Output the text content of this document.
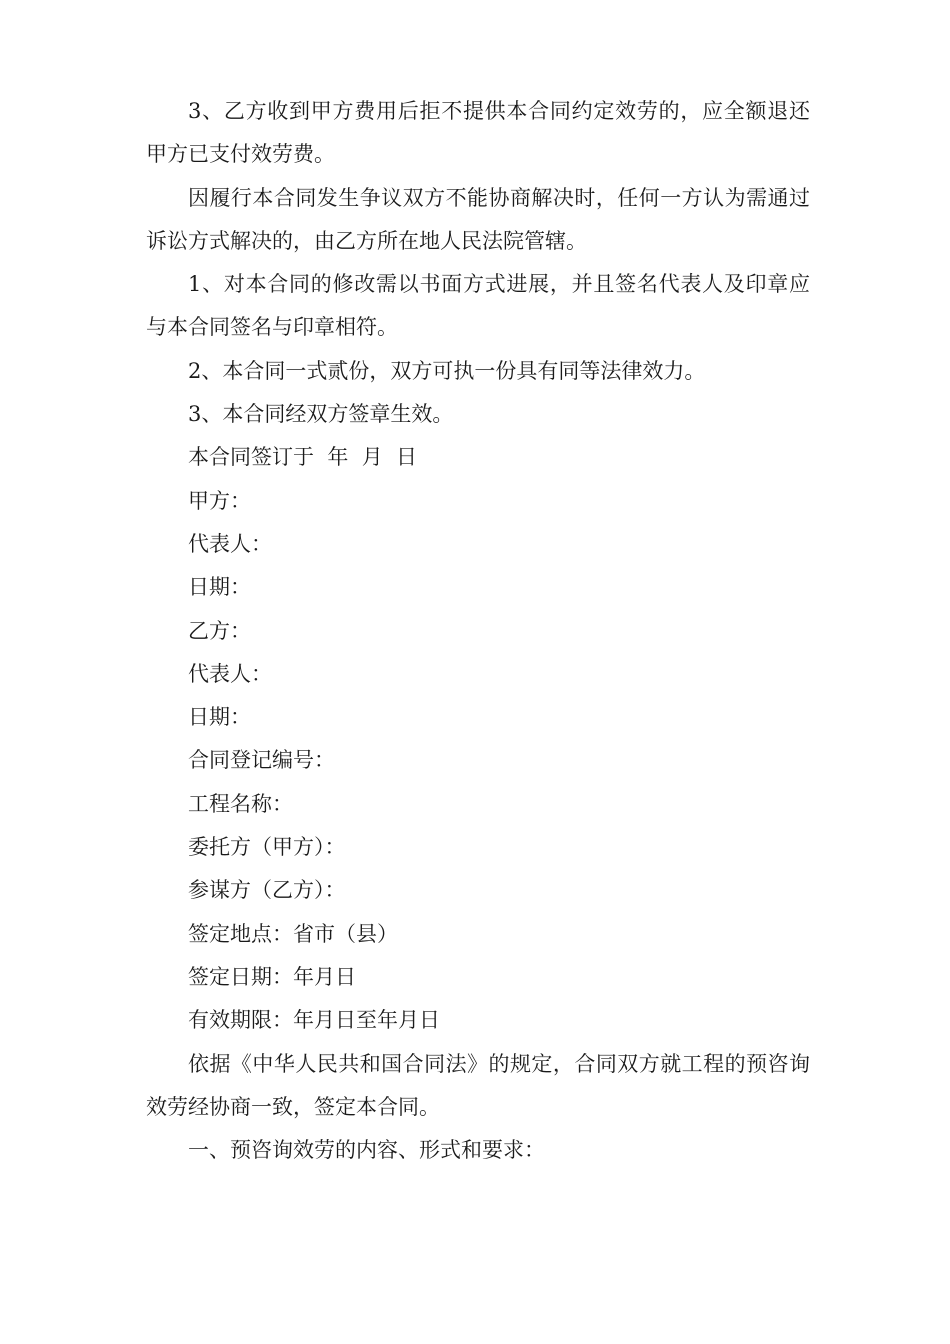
3、乙方收到甲方费用后拒不提供本合同约定效劳的，应全额退还甲方已支付效劳费。

因履行本合同发生争议双方不能协商解决时，任何一方认为需通过诉讼方式解决的，由乙方所在地人民法院管辖。

1、对本合同的修改需以书面方式进展，并且签名代表人及印章应与本合同签名与印章相符。

2、本合同一式贰份，双方可执一份具有同等法律效力。

3、本合同经双方签章生效。

本合同签订于  年  月  日

甲方：

代表人：

日期：

乙方：

代表人：

日期：

合同登记编号：

工程名称：

委托方（甲方）：

参谋方（乙方）：

签定地点：省市（县）

签定日期：年月日

有效期限：年月日至年月日

依据《中华人民共和国合同法》的规定，合同双方就工程的预咨询效劳经协商一致，签定本合同。

一、预咨询效劳的内容、形式和要求：
